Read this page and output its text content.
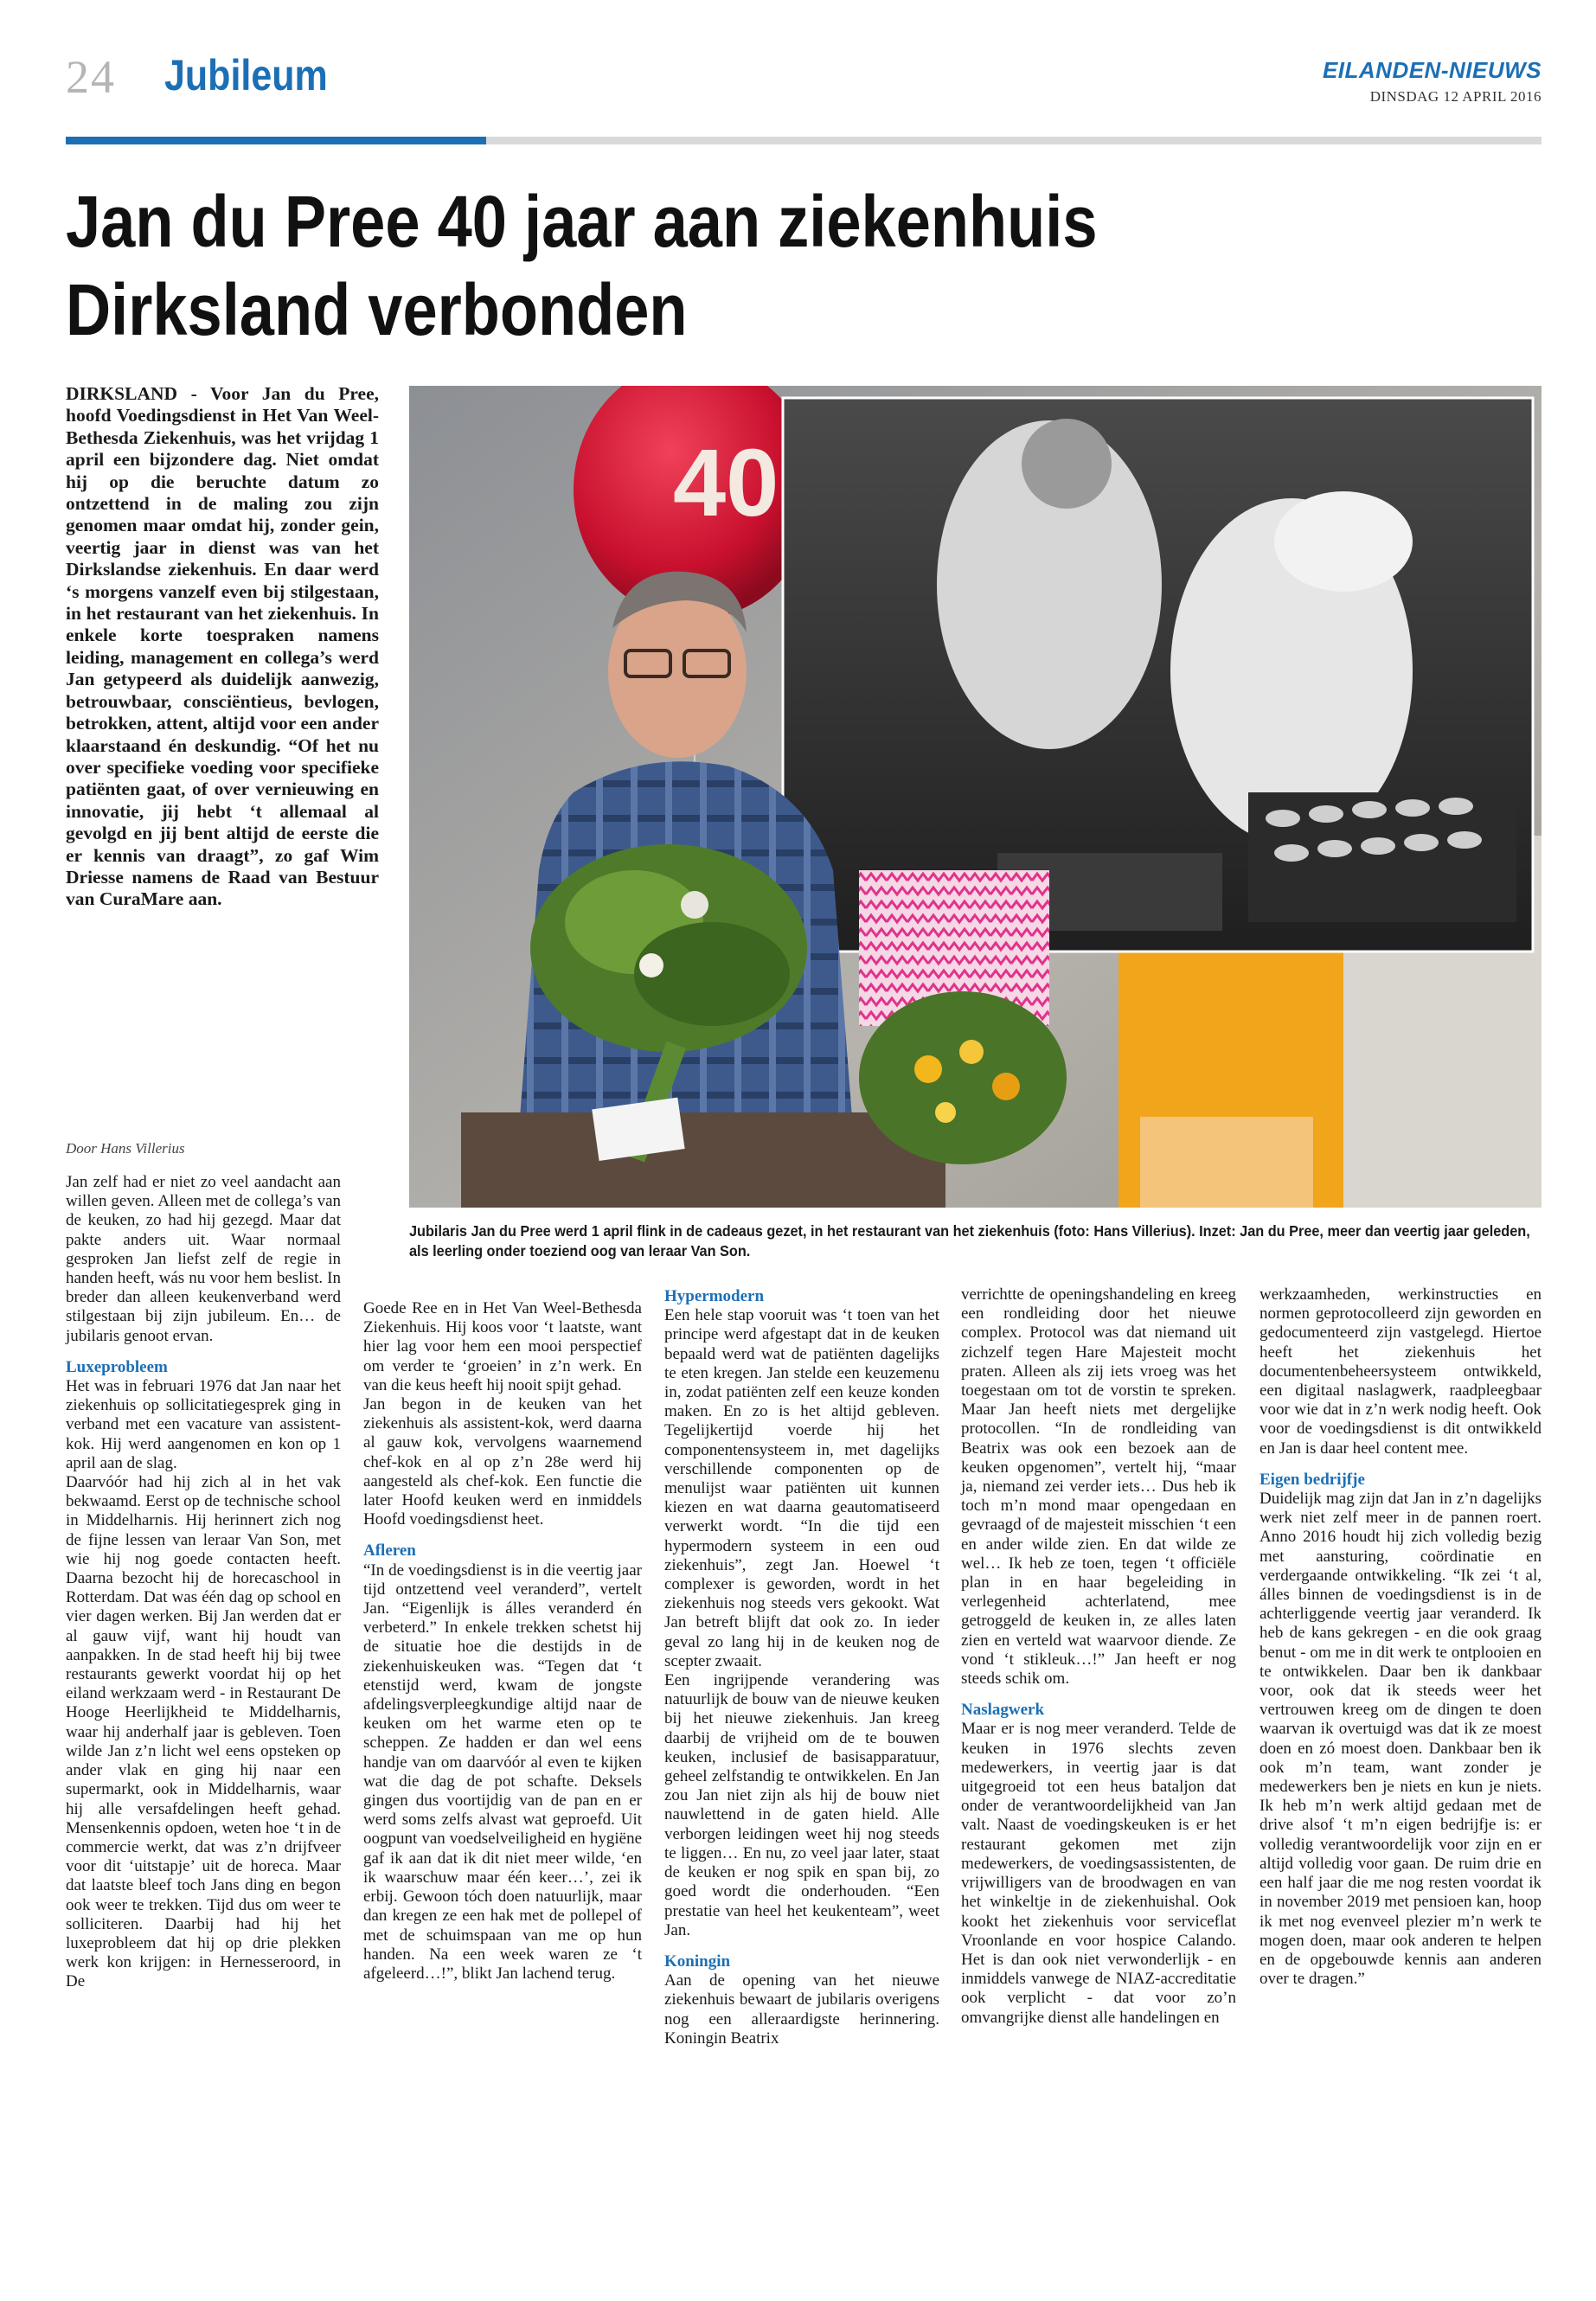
24 Jubileum	EILANDEN-NIEUWS
DINSDAG 12 APRIL 2016
Jan du Pree 40 jaar aan ziekenhuis
Dirksland verbonden

DIRKSLAND - Voor Jan du Pree, hoofd Voedingsdienst in Het Van Weel-Bethesda Ziekenhuis, was het vrijdag 1 april een bijzondere dag. Niet omdat hij op die beruchte datum zo ontzettend in de maling zou zijn genomen maar omdat hij, zonder gein, veertig jaar in dienst was van het Dirkslandse ziekenhuis. En daar werd ‘s morgens vanzelf even bij stilgestaan, in het restaurant van het ziekenhuis. In enkele korte toespraken namens leiding, management en collega’s werd Jan getypeerd als duidelijk aanwezig, betrouwbaar, consciëntieus, bevlogen, betrokken, attent, altijd voor een ander klaarstaand én deskundig. “Of het nu over specifieke voeding voor specifieke patiënten gaat, of over vernieuwing en innovatie, jij hebt ‘t allemaal al gevolgd en jij bent altijd de eerste die er kennis van draagt”, zo gaf Wim Driesse namens de Raad van Bestuur van CuraMare aan.

Door Hans Villerius
40
Jubilaris Jan du Pree werd 1 april flink in de cadeaus gezet, in het restaurant van het ziekenhuis (foto: Hans Villerius). Inzet: Jan du Pree, meer dan veertig jaar geleden, als leerling onder toeziend oog van leraar Van Son.

Jan zelf had er niet zo veel aandacht aan willen geven. Alleen met de collega’s van de keuken, zo had hij gezegd. Maar dat pakte anders uit. Waar normaal gesproken Jan liefst zelf de regie in handen heeft, wás nu voor hem beslist. In breder dan alleen keukenverband werd stilgestaan bij zijn jubileum. En… de jubilaris genoot ervan.

Luxeprobleem

Het was in februari 1976 dat Jan naar het ziekenhuis op sollicitatiegesprek ging in verband met een vacature van assistent-kok. Hij werd aangenomen en kon op 1 april aan de slag.

Daarvóór had hij zich al in het vak bekwaamd. Eerst op de technische school in Middelharnis. Hij herinnert zich nog de fijne lessen van leraar Van Son, met wie hij nog goede contacten heeft. Daarna bezocht hij de horecaschool in Rotterdam. Dat was één dag op school en vier dagen werken. Bij Jan werden dat er al gauw vijf, want hij houdt van aanpakken. In de stad heeft hij bij twee restaurants gewerkt voordat hij op het eiland werkzaam werd - in Restaurant De Hooge Heerlijkheid te Middelharnis, waar hij anderhalf jaar is gebleven. Toen wilde Jan z’n licht wel eens opsteken op ander vlak en ging hij naar een supermarkt, ook in Middelharnis, waar hij alle versafdelingen heeft gehad. Mensenkennis opdoen, weten hoe ‘t in de commercie werkt, dat was z’n drijfveer voor dit ‘uitstapje’ uit de horeca. Maar dat laatste bleef toch Jans ding en begon ook weer te trekken. Tijd dus om weer te solliciteren. Daarbij had hij het luxeprobleem dat hij op drie plekken werk kon krijgen: in Hernesseroord, in De

Goede Ree en in Het Van Weel-Bethesda Ziekenhuis. Hij koos voor ‘t laatste, want hier lag voor hem een mooi perspectief om verder te ‘groeien’ in z’n werk. En van die keus heeft hij nooit spijt gehad.

Jan begon in de keuken van het ziekenhuis als assistent-kok, werd daarna al gauw kok, vervolgens waarnemend chef-kok en al op z’n 28e werd hij aangesteld als chef-kok. Een functie die later Hoofd keuken werd en inmiddels Hoofd voedingsdienst heet.

Afleren

“In de voedingsdienst is in die veertig jaar tijd ontzettend veel veranderd”, vertelt Jan. “Eigenlijk is álles veranderd én verbeterd.” In enkele trekken schetst hij de situatie hoe die destijds in de ziekenhuiskeuken was. “Tegen dat ‘t etenstijd werd, kwam de jongste afdelingsverpleegkundige altijd naar de keuken om het warme eten op te scheppen. Ze hadden er dan wel eens handje van om daarvóór al even te kijken wat die dag de pot schafte. Deksels gingen dus voortijdig van de pan en er werd soms zelfs alvast wat geproefd. Uit oogpunt van voedselveiligheid en hygiëne gaf ik aan dat ik dit niet meer wilde, ‘en ik waarschuw maar één keer…’, zei ik erbij. Gewoon tóch doen natuurlijk, maar dan kregen ze een hak met de pollepel of met de schuimspaan van me op hun handen. Na een week waren ze ‘t afgeleerd…!”, blikt Jan lachend terug.

Hypermodern

Een hele stap vooruit was ‘t toen van het principe werd afgestapt dat in de keuken bepaald werd wat de patiënten dagelijks te eten kregen. Jan stelde een keuzemenu in, zodat patiënten zelf een keuze konden maken. En zo is het altijd gebleven. Tegelijkertijd voerde hij het componentensysteem in, met dagelijks verschillende componenten op de menulijst waar patiënten uit kunnen kiezen en wat daarna geautomatiseerd verwerkt wordt. “In die tijd een hypermodern systeem in een oud ziekenhuis”, zegt Jan. Hoewel ‘t complexer is geworden, wordt in het ziekenhuis nog steeds vers gekookt. Wat Jan betreft blijft dat ook zo. In ieder geval zo lang hij in de keuken nog de scepter zwaait.

Een ingrijpende verandering was natuurlijk de bouw van de nieuwe keuken bij het nieuwe ziekenhuis. Jan kreeg daarbij de vrijheid om de te bouwen keuken, inclusief de basisapparatuur, geheel zelfstandig te ontwikkelen. En Jan zou Jan niet zijn als hij de bouw niet nauwlettend in de gaten hield. Alle verborgen leidingen weet hij nog steeds te liggen… En nu, zo veel jaar later, staat de keuken er nog spik en span bij, zo goed wordt die onderhouden. “Een prestatie van heel het keukenteam”, weet Jan.

Koningin

Aan de opening van het nieuwe ziekenhuis bewaart de jubilaris overigens nog een alleraardigste herinnering. Koningin Beatrix

verrichtte de openingshandeling en kreeg een rondleiding door het nieuwe complex. Protocol was dat niemand uit zichzelf tegen Hare Majesteit mocht praten. Alleen als zij iets vroeg was het toegestaan om tot de vorstin te spreken. Maar Jan heeft niets met dergelijke protocollen. “In de rondleiding van Beatrix was ook een bezoek aan de keuken opgenomen”, vertelt hij, “maar ja, niemand zei verder iets… Dus heb ik toch m’n mond maar opengedaan en gevraagd of de majesteit misschien ‘t een en ander wilde zien. En dat wilde ze wel… Ik heb ze toen, tegen ‘t officiële plan in en haar begeleiding in verlegenheid achterlatend, mee getroggeld de keuken in, ze alles laten zien en verteld wat waarvoor diende. Ze vond ‘t stikleuk…!” Jan heeft er nog steeds schik om.

Naslagwerk

Maar er is nog meer veranderd. Telde de keuken in 1976 slechts zeven medewerkers, in veertig jaar is dat uitgegroeid tot een heus bataljon dat onder de verantwoordelijkheid van Jan valt. Naast de voedingskeuken is er het restaurant gekomen met zijn medewerkers, de voedingsassistenten, de vrijwilligers van de broodwagen en van het winkeltje in de ziekenhuishal. Ook kookt het ziekenhuis voor serviceflat Vroonlande en voor hospice Calando. Het is dan ook niet verwonderlijk - en inmiddels vanwege de NIAZ-accreditatie ook verplicht - dat voor zo’n omvangrijke dienst alle handelingen en

werkzaamheden, werkinstructies en normen geprotocolleerd zijn geworden en gedocumenteerd zijn vastgelegd. Hiertoe heeft het ziekenhuis het documentenbeheersysteem ontwikkeld, een digitaal naslagwerk, raadpleegbaar voor wie dat in z’n werk nodig heeft. Ook voor de voedingsdienst is dit ontwikkeld en Jan is daar heel content mee.

Eigen bedrijfje

Duidelijk mag zijn dat Jan in z’n dagelijks werk niet zelf meer in de pannen roert. Anno 2016 houdt hij zich volledig bezig met aansturing, coördinatie en verdergaande ontwikkeling. “Ik zei ‘t al, álles binnen de voedingsdienst is in de achterliggende veertig jaar veranderd. Ik heb de kans gekregen - en die ook graag benut - om me in dit werk te ontplooien en te ontwikkelen. Daar ben ik dankbaar voor, ook dat ik steeds weer het vertrouwen kreeg om de dingen te doen waarvan ik overtuigd was dat ik ze moest doen en zó moest doen. Dankbaar ben ik ook m’n team, want zonder je medewerkers ben je niets en kun je niets. Ik heb m’n werk altijd gedaan met de drive alsof ‘t m’n eigen bedrijfje is: er volledig verantwoordelijk voor zijn en er altijd volledig voor gaan. De ruim drie en een half jaar die me nog resten voordat ik in november 2019 met pensioen kan, hoop ik met nog evenveel plezier m’n werk te mogen doen, maar ook anderen te helpen en de opgebouwde kennis aan anderen over te dragen.”
